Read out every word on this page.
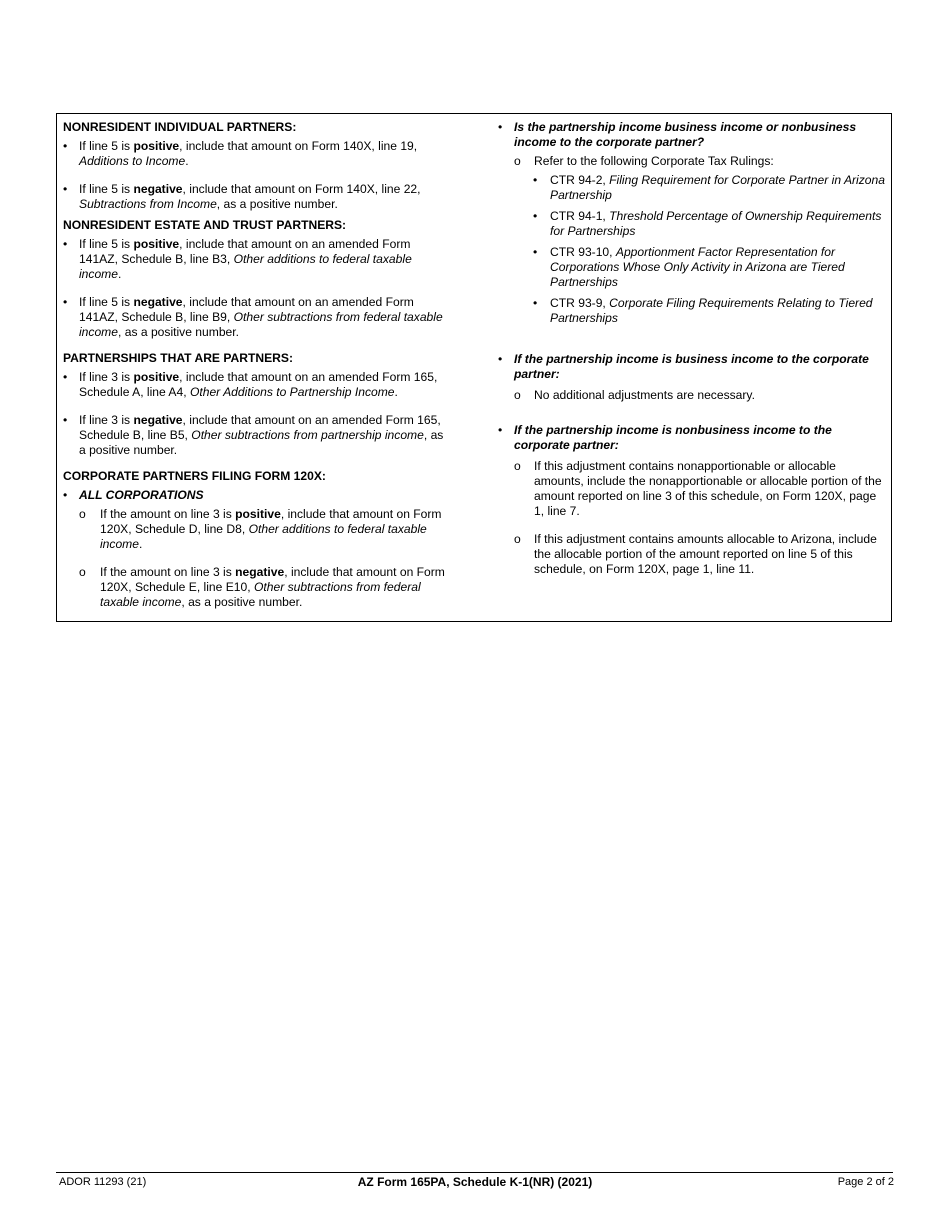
NONRESIDENT INDIVIDUAL PARTNERS:

• If line 5 is positive, include that amount on Form 140X, line 19, Additions to Income.

• If line 5 is negative, include that amount on Form 140X, line 22, Subtractions from Income, as a positive number.

NONRESIDENT ESTATE AND TRUST PARTNERS:

• If line 5 is positive, include that amount on an amended Form 141AZ, Schedule B, line B3, Other additions to federal taxable income.

• If line 5 is negative, include that amount on an amended Form 141AZ, Schedule B, line B9, Other subtractions from federal taxable income, as a positive number.

PARTNERSHIPS THAT ARE PARTNERS:

• If line 3 is positive, include that amount on an amended Form 165, Schedule A, line A4, Other Additions to Partnership Income.

• If line 3 is negative, include that amount on an amended Form 165, Schedule B, line B5, Other subtractions from partnership income, as a positive number.

CORPORATE PARTNERS FILING FORM 120X:

• ALL CORPORATIONS

o If the amount on line 3 is positive, include that amount on Form 120X, Schedule D, line D8, Other additions to federal taxable income.

o If the amount on line 3 is negative, include that amount on Form 120X, Schedule E, line E10, Other subtractions from federal taxable income, as a positive number.

• Is the partnership income business income or nonbusiness income to the corporate partner?

o Refer to the following Corporate Tax Rulings:

• CTR 94-2, Filing Requirement for Corporate Partner in Arizona Partnership

• CTR 94-1, Threshold Percentage of Ownership Requirements for Partnerships

• CTR 93-10, Apportionment Factor Representation for Corporations Whose Only Activity in Arizona are Tiered Partnerships

• CTR 93-9, Corporate Filing Requirements Relating to Tiered Partnerships

• If the partnership income is business income to the corporate partner:

o No additional adjustments are necessary.

• If the partnership income is nonbusiness income to the corporate partner:

o If this adjustment contains nonapportionable or allocable amounts, include the nonapportionable or allocable portion of the amount reported on line 3 of this schedule, on Form 120X, page 1, line 7.

o If this adjustment contains amounts allocable to Arizona, include the allocable portion of the amount reported on line 5 of this schedule, on Form 120X, page 1, line 11.

ADOR 11293 (21)	AZ Form 165PA, Schedule K-1(NR) (2021)	Page 2 of 2
